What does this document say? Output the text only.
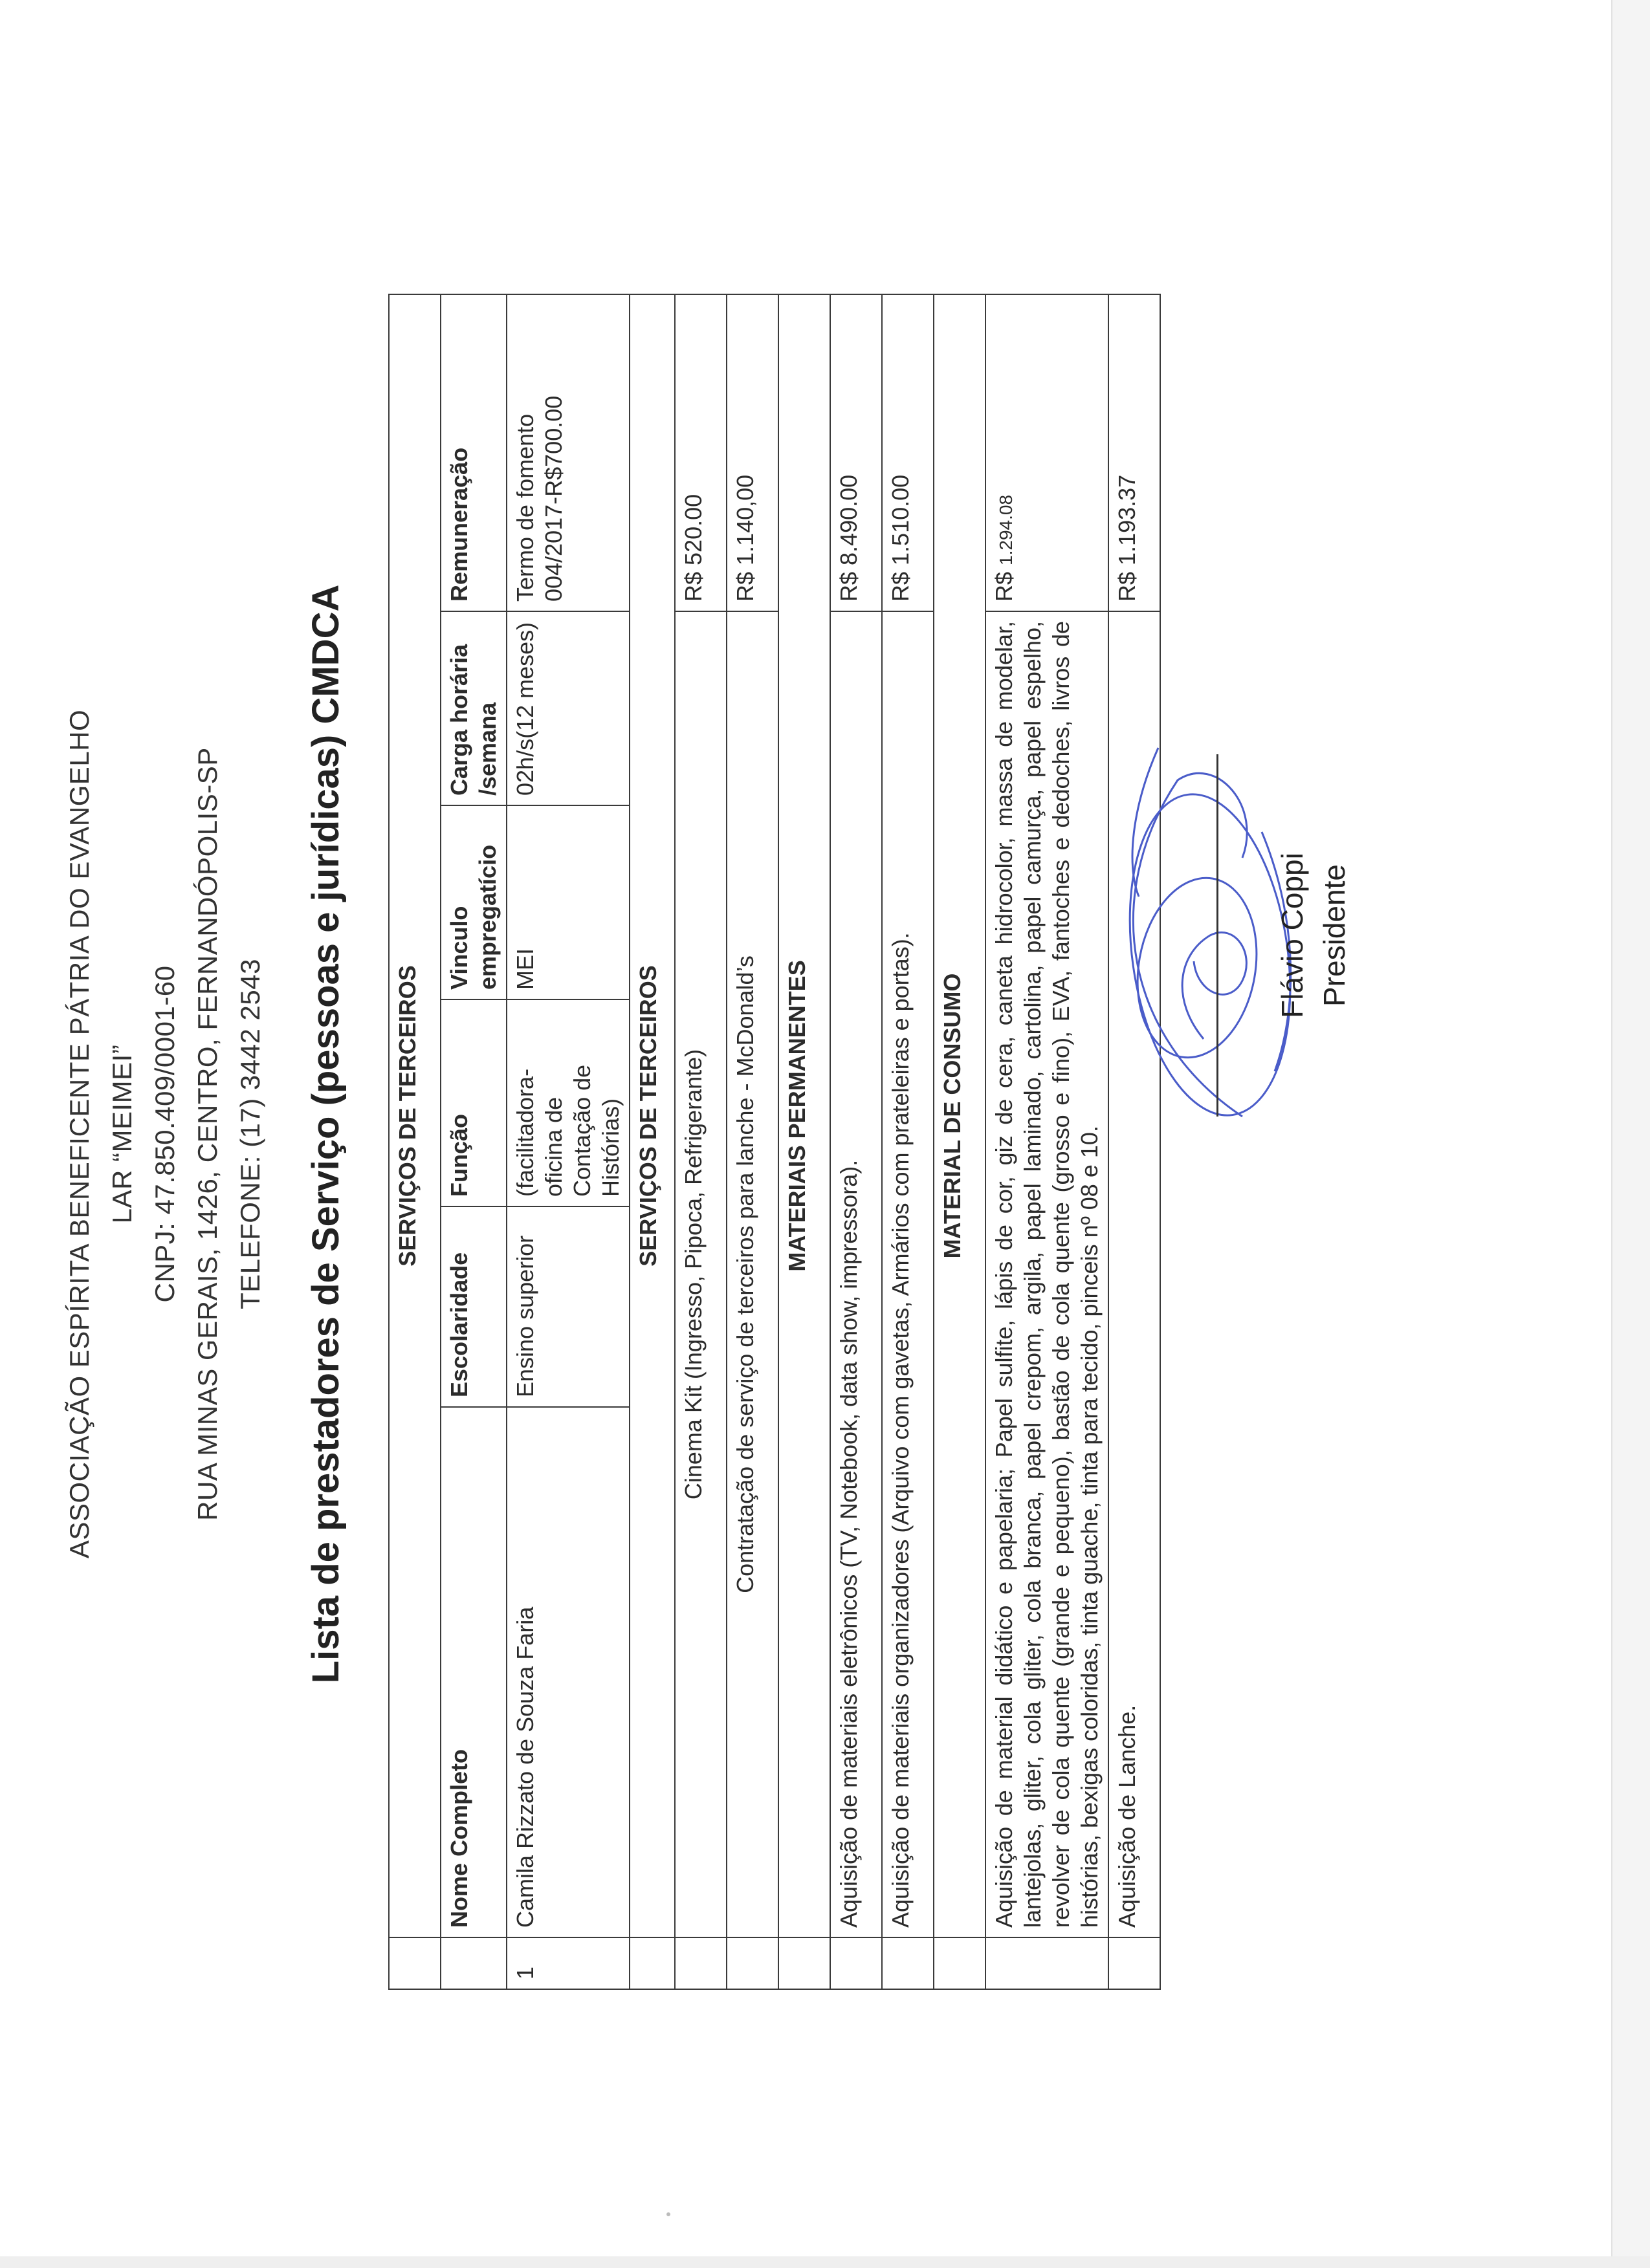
ASSOCIAÇÃO ESPÍRITA BENEFICENTE PÁTRIA DO EVANGELHO LAR “MEIMEI” CNPJ: 47.850.409/0001-60 RUA MINAS GERAIS, 1426, CENTRO, FERNANDÓPOLIS-SP TELEFONE: (17) 3442 2543 Lista de prestadores de Serviço (pessoas e jurídicas) CMDCA
	SERVIÇOS DE TERCEIROS					
	Nome Completo	Escolaridade	Função	Vinculo empregatício	Carga horária /semana	Remuneração
1	Camila Rizzato de Souza Faria	Ensino superior	(facilitadora-oficina de Contação de Histórias)	MEI	02h/s(12 meses)	Termo de fomento 004/2017-R$700.00
	SERVIÇOS DE TERCEIROS					
	Cinema Kit (Ingresso, Pipoca, Refrigerante)					R$ 520.00
	Contratação de serviço de terceiros para lanche - McDonald’s					R$ 1.140,00
	MATERIAIS PERMANENTES					
	Aquisição de materiais eletrônicos (TV, Notebook, data show, impressora).					R$ 8.490.00
	Aquisição de materiais organizadores (Arquivo com gavetas, Armários com prateleiras e portas).					R$ 1.510.00
	MATERIAL DE CONSUMO					
	Aquisição de material didático e papelaria; Papel sulfite, lápis de cor, giz de cera, caneta hidrocolor, massa de modelar, lantejolas, gliter, cola gliter, cola branca, papel crepom, argila, papel laminado, cartolina, papel camurça, papel espelho, revolver de cola quente (grande e pequeno), bastão de cola quente (grosso e fino), EVA, fantoches e dedoches, livros de histórias, bexigas coloridas, tinta guache, tinta para tecido, pinceis nº 08 e 10.					R$ 1.294.08
	Aquisição de Lanche.					R$ 1.193.37
Flávio Coppi Presidente
